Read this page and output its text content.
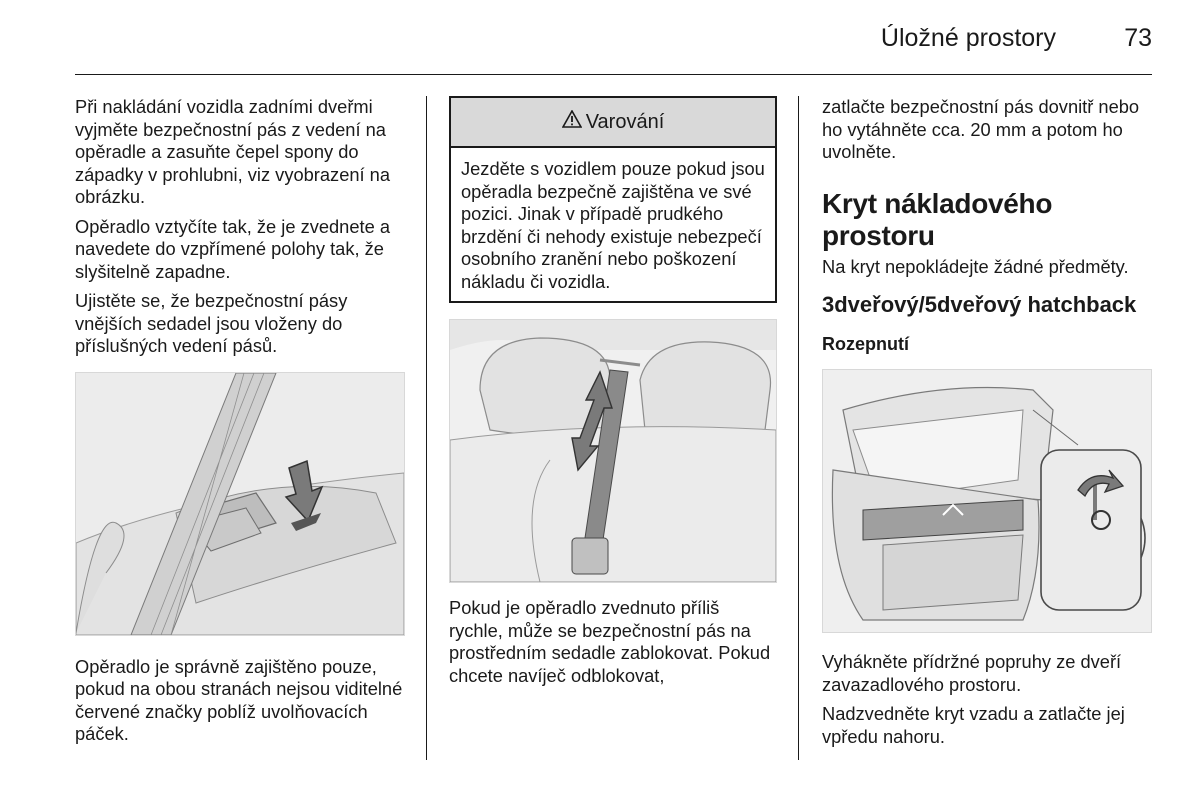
Úložné prostory	73

Při nakládání vozidla zadními dveřmi vyjměte bezpečnostní pás z vedení na opěradle a zasuňte čepel spony do západky v prohlubni, viz vyobrazení na obrázku.

Opěradlo vztyčíte tak, že je zvednete a navedete do vzpřímené polohy tak, že slyšitelně zapadne.

Ujistěte se, že bezpečnostní pásy vnějších sedadel jsou vloženy do příslušných vedení pásů.

Opěradlo je správně zajištěno pouze, pokud na obou stranách nejsou viditelné červené značky poblíž uvolňovacích páček.

Varování
Jezděte s vozidlem pouze pokud jsou opěradla bezpečně zajištěna ve své pozici. Jinak v případě prudkého brzdění či nehody existuje nebezpečí osobního zranění nebo poškození nákladu či vozidla.

Pokud je opěradlo zvednuto příliš rychle, může se bezpečnostní pás na prostředním sedadle zablokovat. Pokud chcete navíječ odblokovat,

zatlačte bezpečnostní pás dovnitř nebo ho vytáhněte cca. 20 mm a potom ho uvolněte.

Kryt nákladového prostoru

Na kryt nepokládejte žádné předměty.

3dveřový/5dveřový hatchback
Rozepnutí

Vyhákněte přídržné popruhy ze dveří zavazadlového prostoru.

Nadzvedněte kryt vzadu a zatlačte jej vpředu nahoru.
